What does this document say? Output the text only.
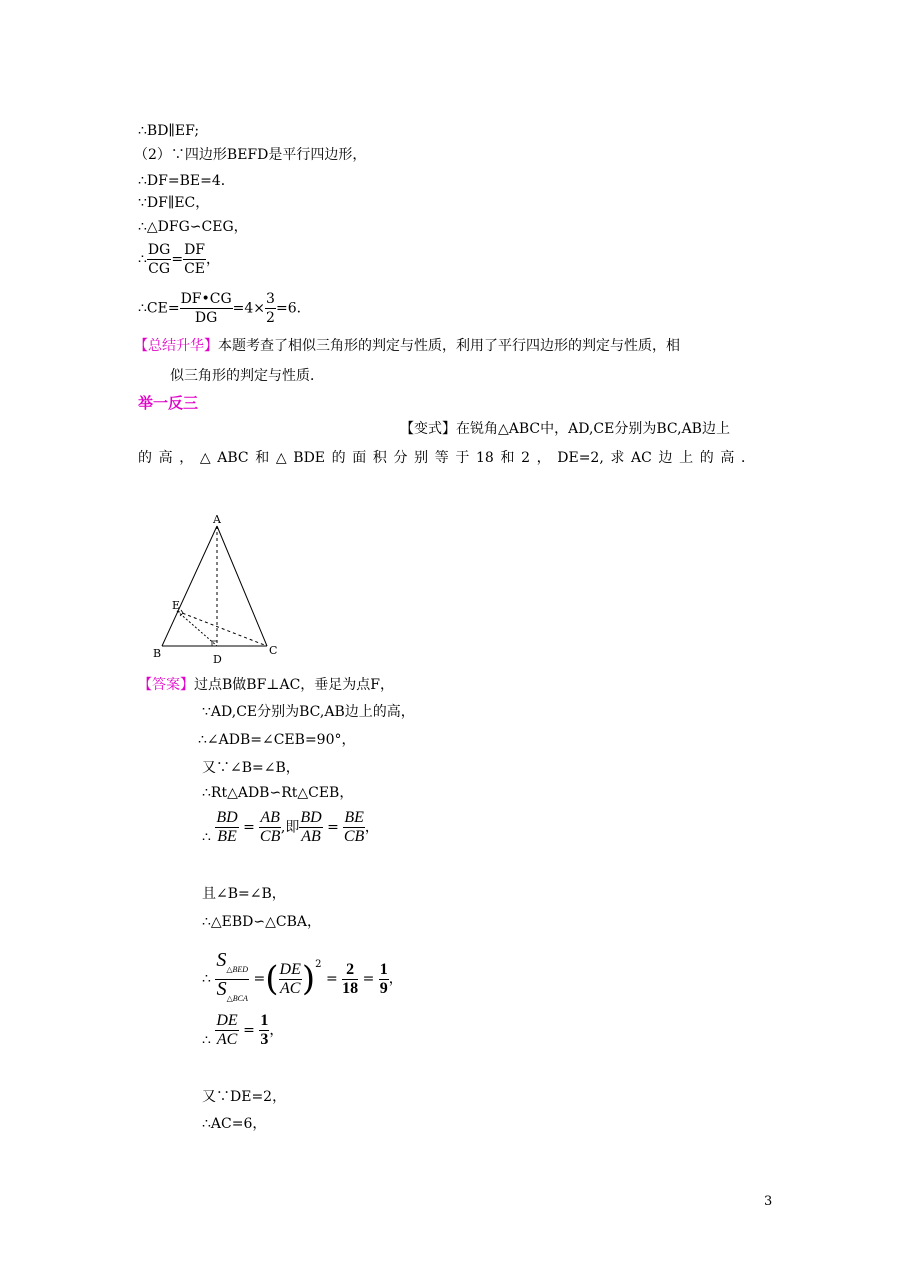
∴BD∥EF;
（2）∵四边形BEFD是平行四边形，
∴DF=BE=4．
∵DF∥EC，
∴△DFG∽CEG，
∴ $\frac{DG}{CG} = \frac{DF}{CE}$ ，
∴CE= $\frac{DF•CG}{DG} =4\times \frac{3}{2} =6$．
【总结升华】本题考查了相似三角形的判定与性质，利用了平行四边形的判定与性质，相
似三角形的判定与性质．
举一反三
【变式】在锐角△ABC中，AD,CE分别为BC,AB边上
的高，△ABC和△BDE的面积分别等于18和2，DE=2,求AC边上的高．
A
E
B	C
D
【答案】过点B做BF⊥AC，垂足为点F，
∵AD,CE分别为BC,AB边上的高，
∴∠ADB=∠CEB=90°，
又∵∠B=∠B，
∴Rt△ADB∽Rt△CEB，
∴ $\frac{BD}{BE} = \frac{AB}{CB}$ ,即 $\frac{BD}{AB} = \frac{BE}{CB}$ ，
且∠B=∠B，
∴△EBD∽△CBA，
∴ $\frac{S_{\triangle BED}}{S_{\triangle BCA}}$ =( $\frac{DE}{AC} )^2 = \frac{2}{18} = \frac{1}{9}$ ，
∴ $\frac{DE}{AC} = \frac{1}{3}$ ，
又∵DE=2，
∴AC=6，
3
